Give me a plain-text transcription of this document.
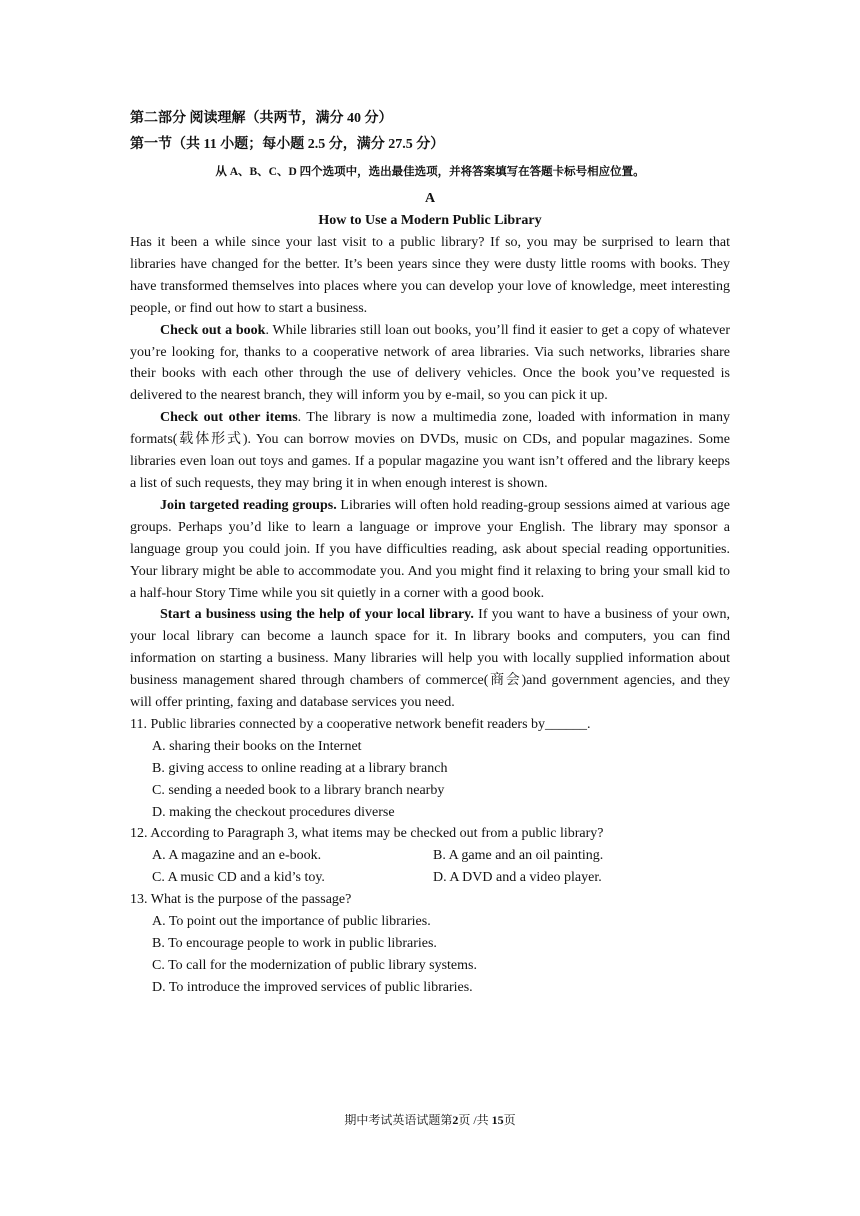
第二部分 阅读理解（共两节，满分 40 分）
第一节（共 11 小题；每小题 2.5 分，满分 27.5 分）
从 A、B、C、D 四个选项中，选出最佳选项，并将答案填写在答题卡标号相应位置。
A
How to Use a Modern Public Library

Has it been a while since your last visit to a public library? If so, you may be surprised to learn that libraries have changed for the better. It’s been years since they were dusty little rooms with books. They have transformed themselves into places where you can develop your love of knowledge, meet interesting people, or find out how to start a business.

Check out a book. While libraries still loan out books, you’ll find it easier to get a copy of whatever you’re looking for, thanks to a cooperative network of area libraries. Via such networks, libraries share their books with each other through the use of delivery vehicles. Once the book you’ve requested is delivered to the nearest branch, they will inform you by e-mail, so you can pick it up.

Check out other items. The library is now a multimedia zone, loaded with information in many formats(载体形式). You can borrow movies on DVDs, music on CDs, and popular magazines. Some libraries even loan out toys and games. If a popular magazine you want isn’t offered and the library keeps a list of such requests, they may bring it in when enough interest is shown.

Join targeted reading groups. Libraries will often hold reading-group sessions aimed at various age groups. Perhaps you’d like to learn a language or improve your English. The library may sponsor a language group you could join. If you have difficulties reading, ask about special reading opportunities. Your library might be able to accommodate you. And you might find it relaxing to bring your small kid to a half-hour Story Time while you sit quietly in a corner with a good book.

Start a business using the help of your local library. If you want to have a business of your own, your local library can become a launch space for it. In library books and computers, you can find information on starting a business. Many libraries will help you with locally supplied information about business management shared through chambers of commerce(商会)and government agencies, and they will offer printing, faxing and database services you need.

11. Public libraries connected by a cooperative network benefit readers by______.
A. sharing their books on the Internet
B. giving access to online reading at a library branch
C. sending a needed book to a library branch nearby
D. making the checkout procedures diverse
12. According to Paragraph 3, what items may be checked out from a public library?
A. A magazine and an e-book.	B. A game and an oil painting.
C. A music CD and a kid’s toy.	D. A DVD and a video player.
13. What is the purpose of the passage?
A. To point out the importance of public libraries.
B. To encourage people to work in public libraries.
C. To call for the modernization of public library systems.
D. To introduce the improved services of public libraries.
期中考试英语试题第2页 /共 15页
